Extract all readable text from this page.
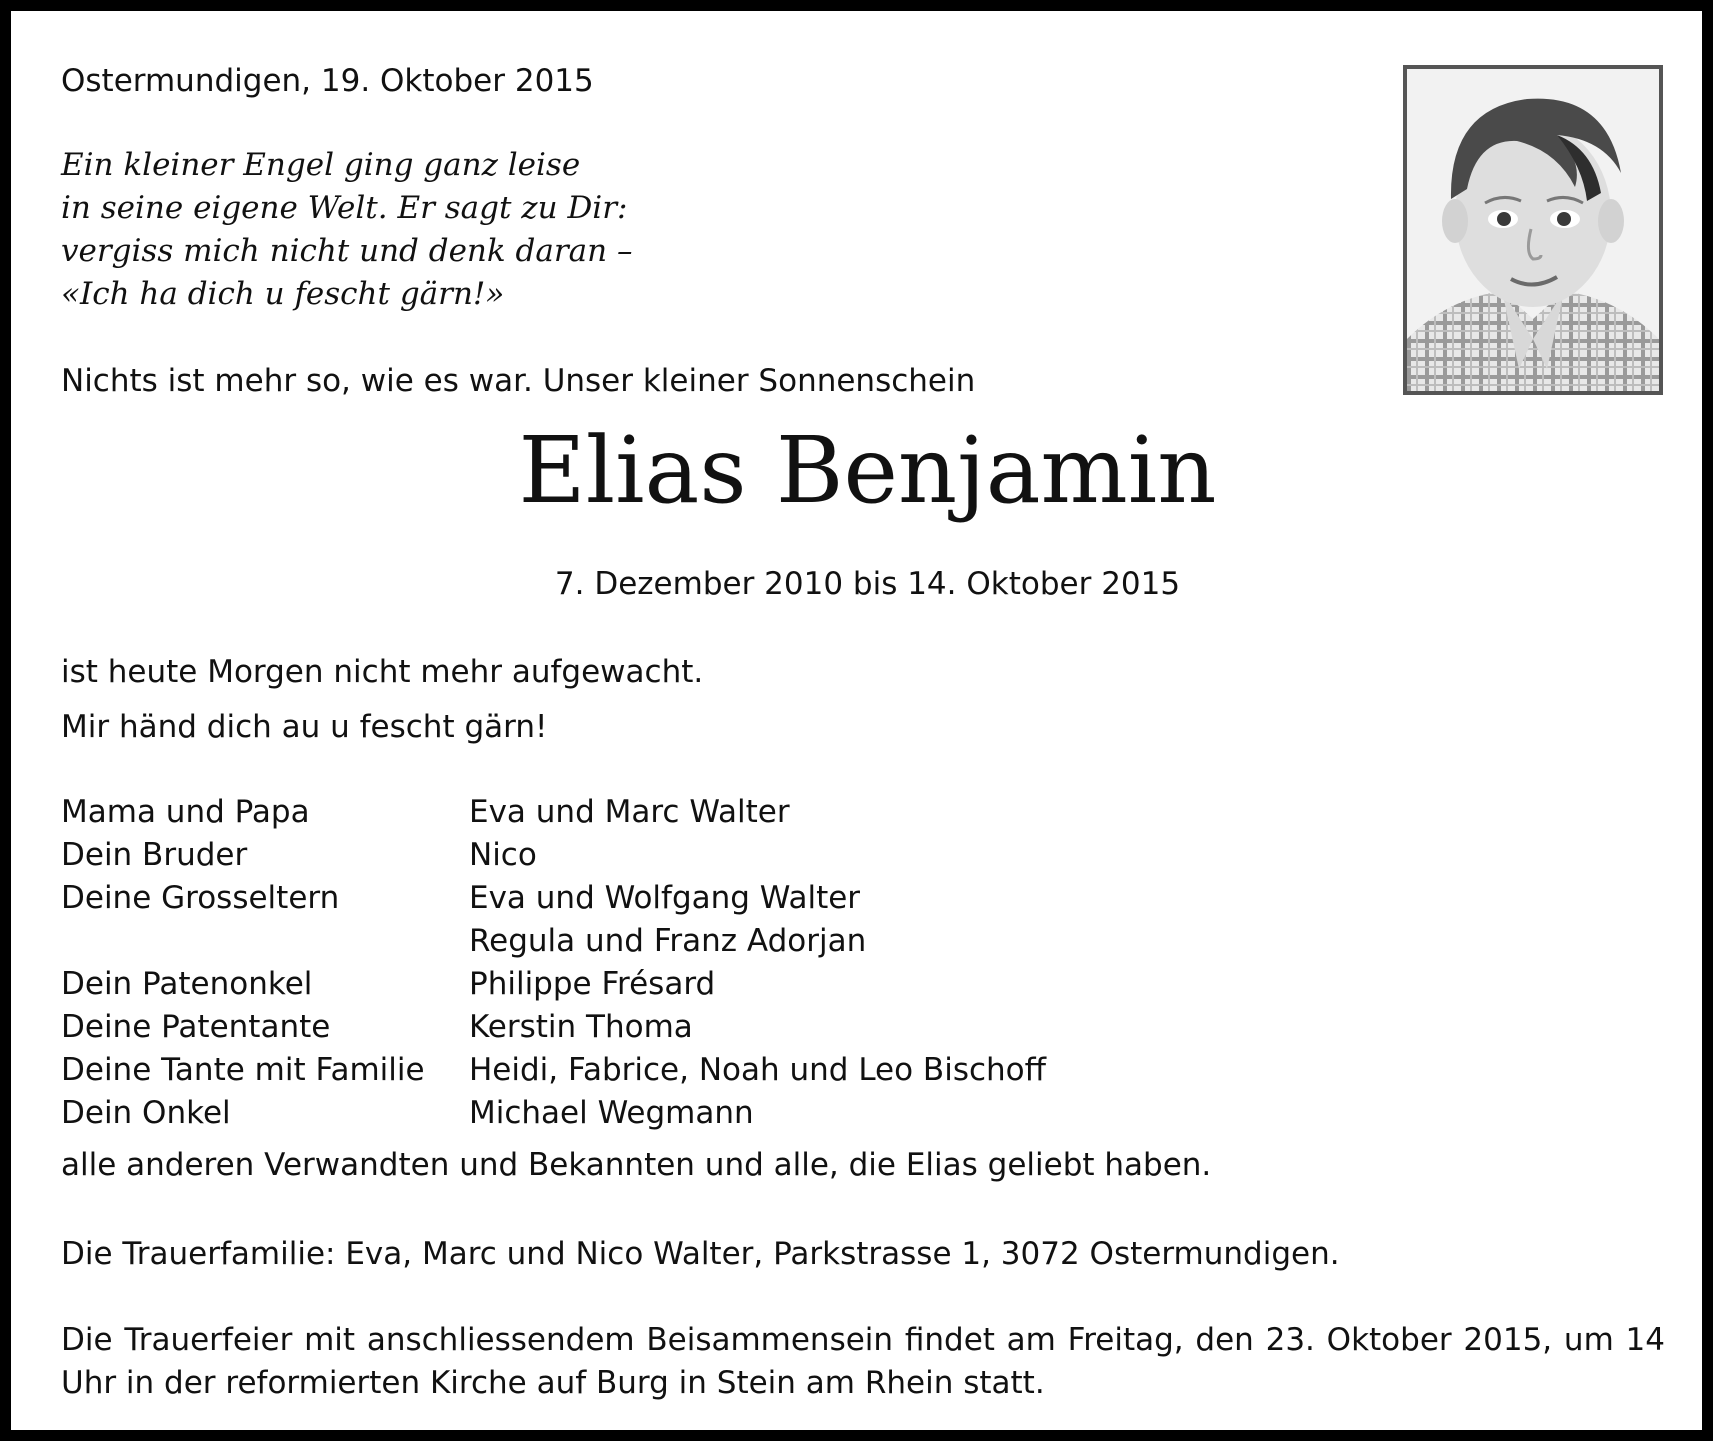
Ostermundigen, 19. Oktober 2015
Ein kleiner Engel ging ganz leise
in seine eigene Welt. Er sagt zu Dir:
vergiss mich nicht und denk daran –
«Ich ha dich u fescht gärn!»
Nichts ist mehr so, wie es war. Unser kleiner Sonnenschein
Elias Benjamin
7. Dezember 2010 bis 14. Oktober 2015
ist heute Morgen nicht mehr aufgewacht.
Mir händ dich au u fescht gärn!
Mama und Papa	Eva und Marc Walter
Dein Bruder	Nico
Deine Grosseltern	Eva und Wolfgang Walter
Regula und Franz Adorjan
Dein Patenonkel	Philippe Frésard
Deine Patentante	Kerstin Thoma
Deine Tante mit Familie	Heidi, Fabrice, Noah und Leo Bischoff
Dein Onkel	Michael Wegmann
alle anderen Verwandten und Bekannten und alle, die Elias geliebt haben.
Die Trauerfamilie: Eva, Marc und Nico Walter, Parkstrasse 1, 3072 Ostermundigen.
Die Trauerfeier mit anschliessendem Beisammensein findet am Freitag, den 23. Oktober 2015, um 14 Uhr in der reformierten Kirche auf Burg in Stein am Rhein statt.
